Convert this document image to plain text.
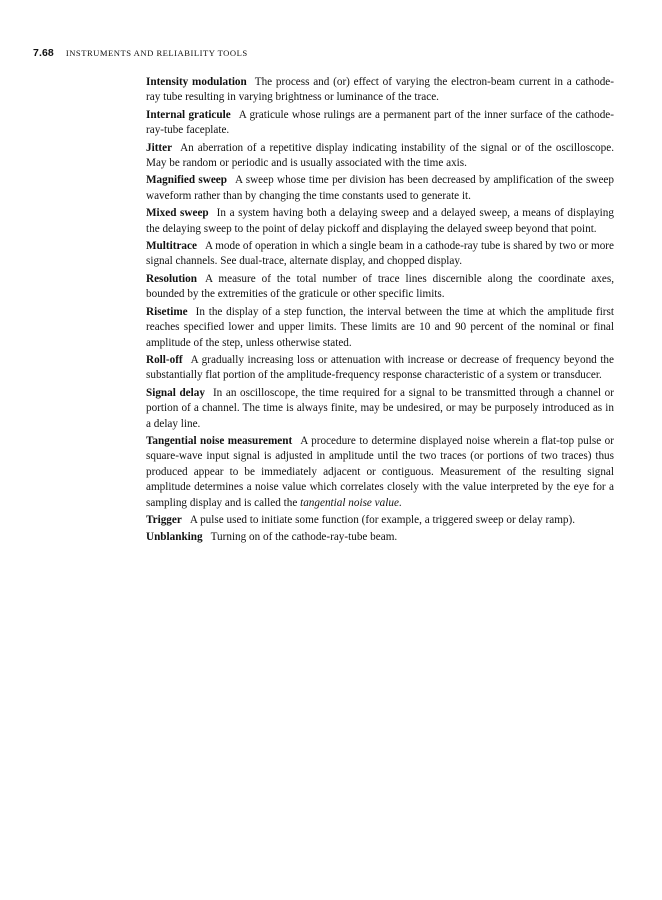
7.68 INSTRUMENTS AND RELIABILITY TOOLS

Intensity modulation The process and (or) effect of varying the electron-beam current in a cathode-ray tube resulting in varying brightness or luminance of the trace.

Internal graticule A graticule whose rulings are a permanent part of the inner surface of the cathode-ray-tube faceplate.

Jitter An aberration of a repetitive display indicating instability of the signal or of the oscilloscope. May be random or periodic and is usually associated with the time axis.

Magnified sweep A sweep whose time per division has been decreased by amplification of the sweep waveform rather than by changing the time constants used to generate it.

Mixed sweep In a system having both a delaying sweep and a delayed sweep, a means of displaying the delaying sweep to the point of delay pickoff and displaying the delayed sweep beyond that point.

Multitrace A mode of operation in which a single beam in a cathode-ray tube is shared by two or more signal channels. See dual-trace, alternate display, and chopped display.

Resolution A measure of the total number of trace lines discernible along the coordinate axes, bounded by the extremities of the graticule or other specific limits.

Risetime In the display of a step function, the interval between the time at which the amplitude first reaches specified lower and upper limits. These limits are 10 and 90 percent of the nominal or final amplitude of the step, unless otherwise stated.

Roll-off A gradually increasing loss or attenuation with increase or decrease of frequency beyond the substantially flat portion of the amplitude-frequency response characteristic of a system or transducer.

Signal delay In an oscilloscope, the time required for a signal to be transmitted through a channel or portion of a channel. The time is always finite, may be undesired, or may be purposely introduced as in a delay line.

Tangential noise measurement A procedure to determine displayed noise wherein a flat-top pulse or square-wave input signal is adjusted in amplitude until the two traces (or portions of two traces) thus produced appear to be immediately adjacent or contiguous. Measurement of the resulting signal amplitude determines a noise value which correlates closely with the value interpreted by the eye for a sampling display and is called the tangential noise value.

Trigger A pulse used to initiate some function (for example, a triggered sweep or delay ramp).

Unblanking Turning on of the cathode-ray-tube beam.
